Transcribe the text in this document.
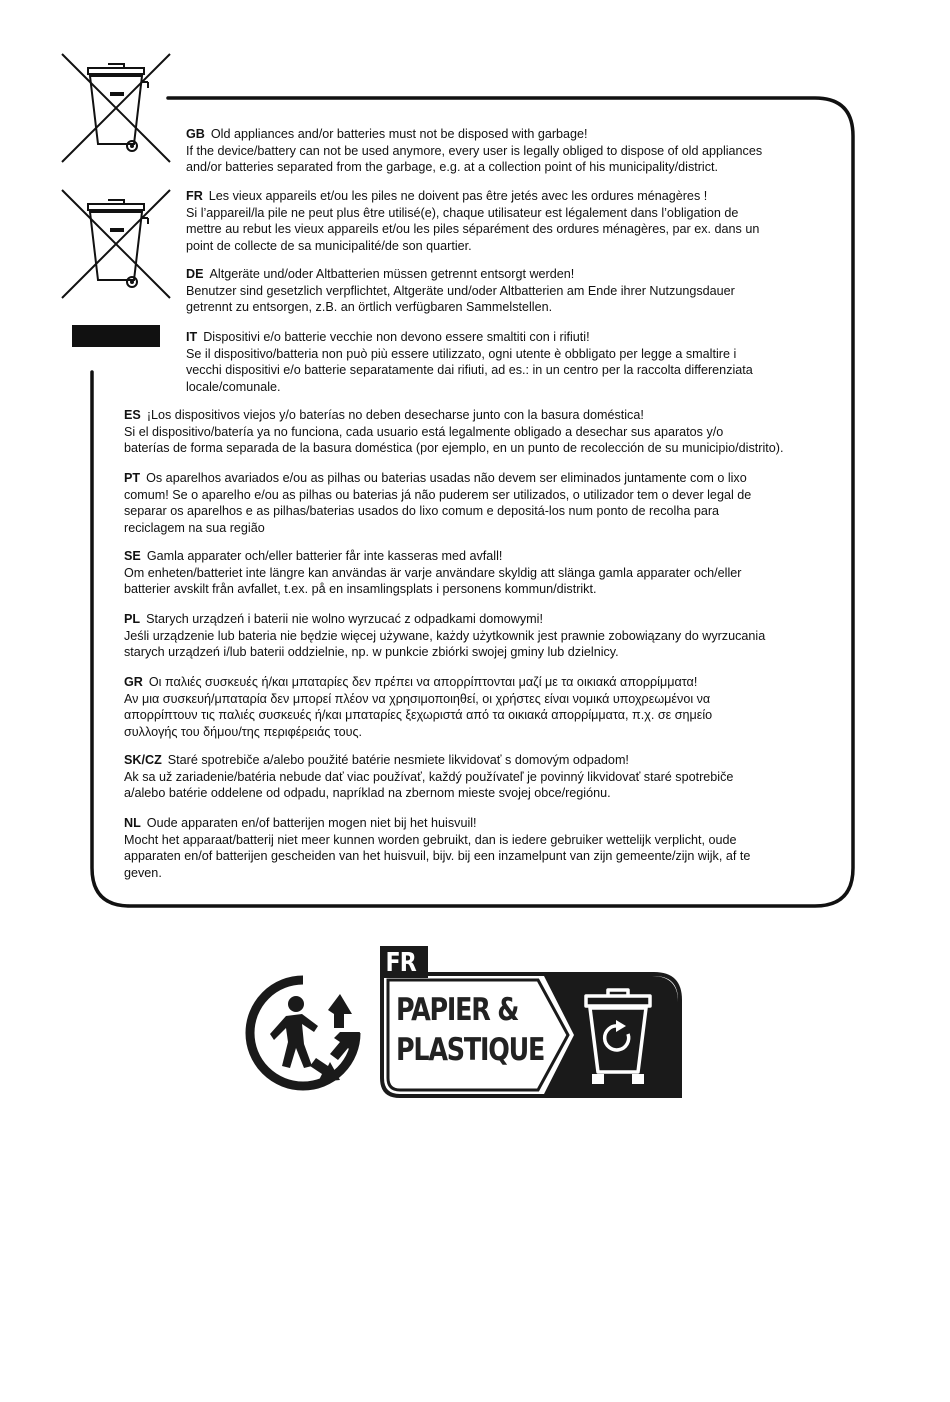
GB Old appliances and/or batteries must not be disposed with garbage!
If the device/battery can not be used anymore, every user is legally obliged to dispose of old appliances
and/or batteries separated from the garbage, e.g. at a collection point of his municipality/district.
FR Les vieux appareils et/ou les piles ne doivent pas être jetés avec les ordures ménagères !
Si l’appareil/la pile ne peut plus être utilisé(e), chaque utilisateur est légalement dans l’obligation de
mettre au rebut les vieux appareils et/ou les piles séparément des ordures ménagères, par ex. dans un
point de collecte de sa municipalité/de son quartier.
DE Altgeräte und/oder Altbatterien müssen getrennt entsorgt werden!
Benutzer sind gesetzlich verpflichtet, Altgeräte und/oder Altbatterien am Ende ihrer Nutzungsdauer
getrennt zu entsorgen, z.B. an örtlich verfügbaren Sammelstellen.
IT Dispositivi e/o batterie vecchie non devono essere smaltiti con i rifiuti!
Se il dispositivo/batteria non può più essere utilizzato, ogni utente è obbligato per legge a smaltire i
vecchi dispositivi e/o batterie separatamente dai rifiuti, ad es.: in un centro per la raccolta differenziata
locale/comunale.
ES ¡Los dispositivos viejos y/o baterías no deben desecharse junto con la basura doméstica!
Si el dispositivo/batería ya no funciona, cada usuario está legalmente obligado a desechar sus aparatos y/o
baterías de forma separada de la basura doméstica (por ejemplo, en un punto de recolección de su municipio/distrito).
PT Os aparelhos avariados e/ou as pilhas ou baterias usadas não devem ser eliminados juntamente com o lixo
comum! Se o aparelho e/ou as pilhas ou baterias já não puderem ser utilizados, o utilizador tem o dever legal de
separar os aparelhos e as pilhas/baterias usados do lixo comum e depositá-los num ponto de recolha para
reciclagem na sua região
SE Gamla apparater och/eller batterier får inte kasseras med avfall!
Om enheten/batteriet inte längre kan användas är varje användare skyldig att slänga gamla apparater och/eller
batterier avskilt från avfallet, t.ex. på en insamlingsplats i personens kommun/distrikt.
PL Starych urządzeń i baterii nie wolno wyrzucać z odpadkami domowymi!
Jeśli urządzenie lub bateria nie będzie więcej używane, każdy użytkownik jest prawnie zobowiązany do wyrzucania
starych urządzeń i/lub baterii oddzielnie, np. w punkcie zbiórki swojej gminy lub dzielnicy.
GR Οι παλιές συσκευές ή/και μπαταρίες δεν πρέπει να απορρίπτονται μαζί με τα οικιακά απορρίμματα!
Αν μια συσκευή/μπαταρία δεν μπορεί πλέον να χρησιμοποιηθεί, οι χρήστες είναι νομικά υποχρεωμένοι να
απορρίπτουν τις παλιές συσκευές ή/και μπαταρίες ξεχωριστά από τα οικιακά απορρίμματα, π.χ. σε σημείο
συλλογής του δήμου/της περιφέρειάς τους.
SK/CZ Staré spotrebiče a/alebo použité batérie nesmiete likvidovať s domovým odpadom!
Ak sa už zariadenie/batéria nebude dať viac používať, každý používateľ je povinný likvidovať staré spotrebiče
a/alebo batérie oddelene od odpadu, napríklad na zbernom mieste svojej obce/regiónu.
NL Oude apparaten en/of batterijen mogen niet bij het huisvuil!
Mocht het apparaat/batterij niet meer kunnen worden gebruikt, dan is iedere gebruiker wettelijk verplicht, oude
apparaten en/of batterijen gescheiden van het huisvuil, bijv. bij een inzamelpunt van zijn gemeente/zijn wijk, af te
geven.
FR
PAPIER &
PLASTIQUE
